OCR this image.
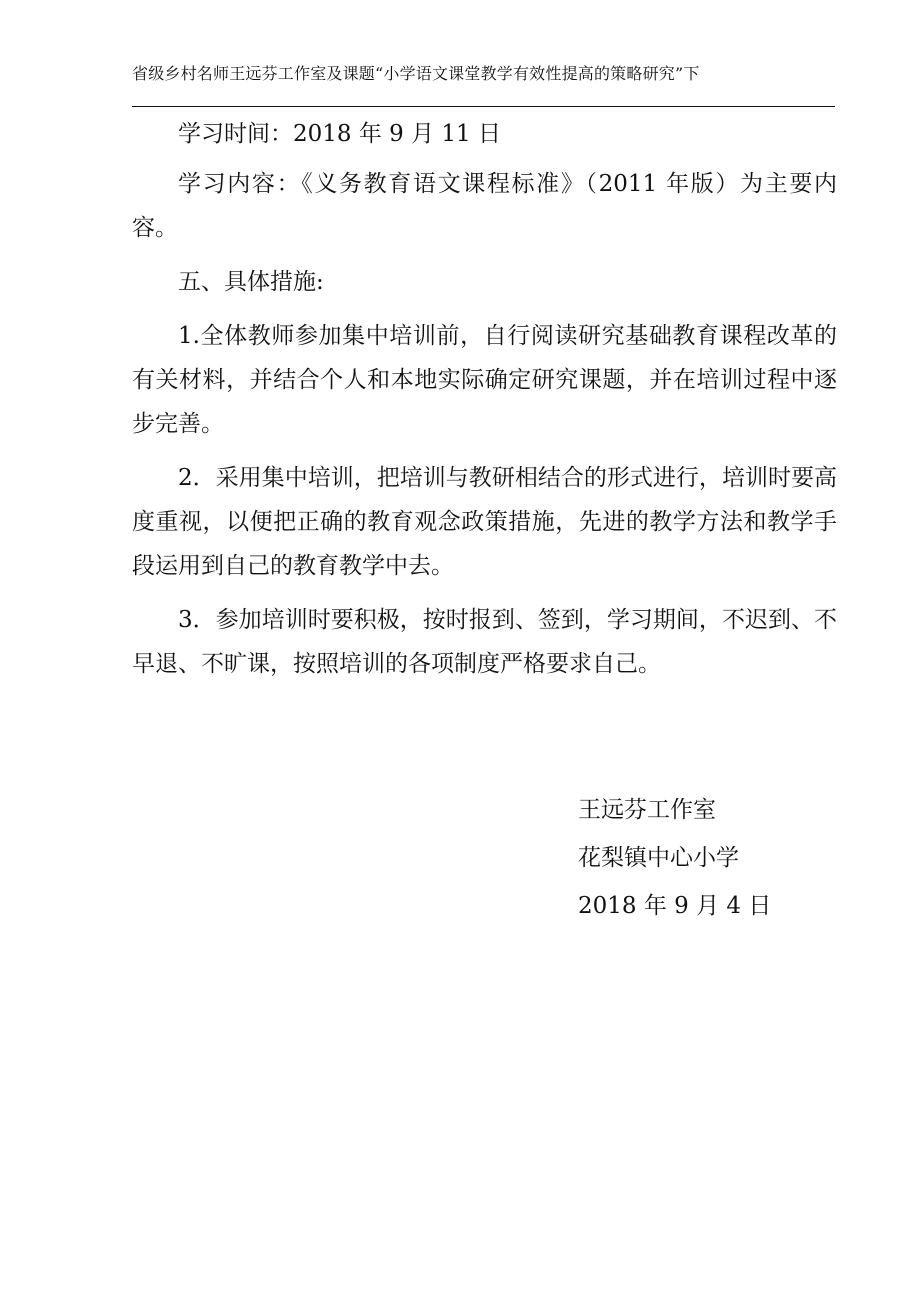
省级乡村名师王远芬工作室及课题“小学语文课堂教学有效性提高的策略研究”下

学习时间：2018 年 9 月 11 日

学习内容：《义务教育语文课程标准》（2011 年版）为主要内容。

五、具体措施:

1.全体教师参加集中培训前，自行阅读研究基础教育课程改革的有关材料，并结合个人和本地实际确定研究课题，并在培训过程中逐步完善。

2．采用集中培训，把培训与教研相结合的形式进行，培训时要高度重视，以便把正确的教育观念政策措施，先进的教学方法和教学手段运用到自己的教育教学中去。

3．参加培训时要积极，按时报到、签到，学习期间，不迟到、不早退、不旷课，按照培训的各项制度严格要求自己。

王远芬工作室
花梨镇中心小学
2018 年 9 月 4 日
